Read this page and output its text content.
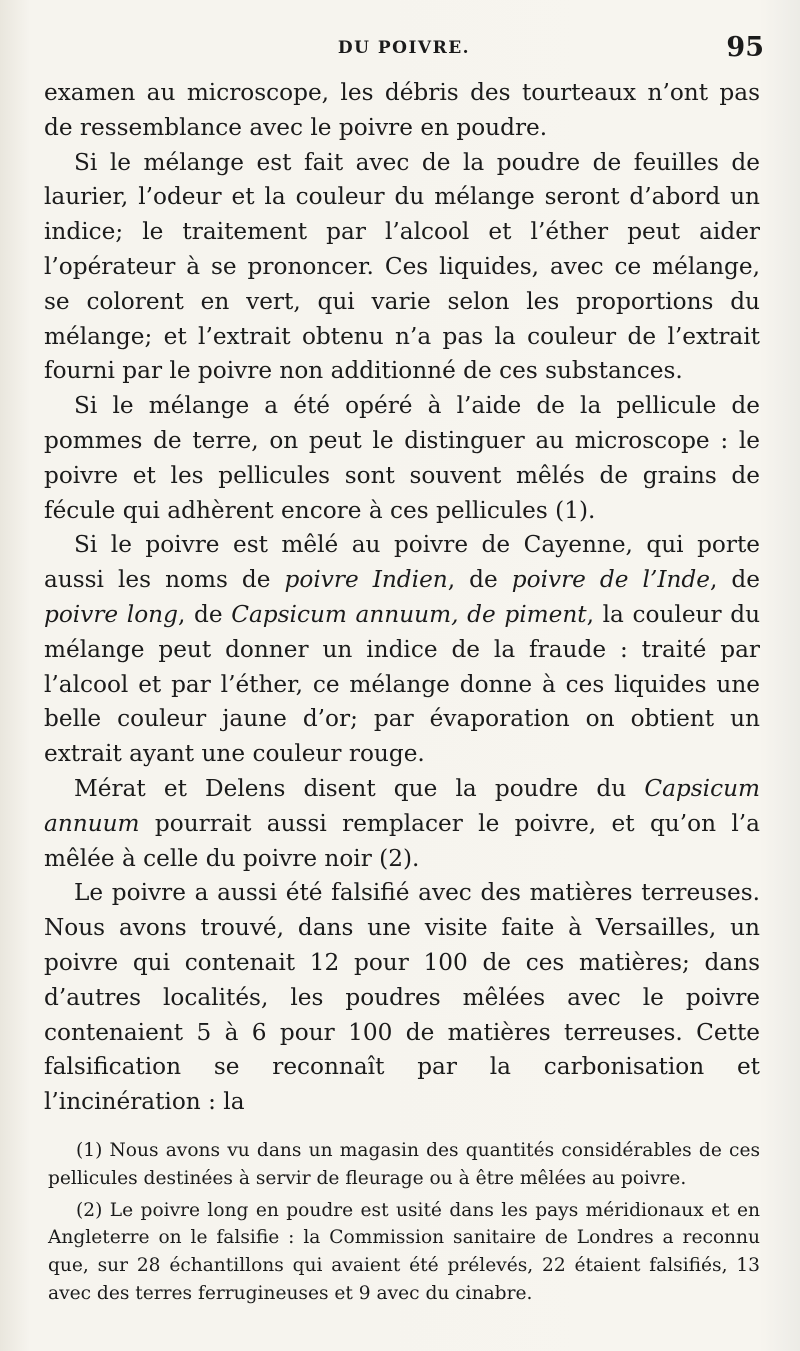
DU POIVRE.	95

examen au microscope, les débris des tourteaux n’ont pas de ressemblance avec le poivre en poudre.

Si le mélange est fait avec de la poudre de feuilles de laurier, l’odeur et la couleur du mélange seront d’abord un indice; le traitement par l’alcool et l’éther peut aider l’opérateur à se prononcer. Ces liquides, avec ce mélange, se colorent en vert, qui varie selon les proportions du mélange; et l’extrait obtenu n’a pas la couleur de l’extrait fourni par le poivre non additionné de ces substances.

Si le mélange a été opéré à l’aide de la pellicule de pommes de terre, on peut le distinguer au microscope : le poivre et les pellicules sont souvent mêlés de grains de fécule qui adhèrent encore à ces pellicules (1).

Si le poivre est mêlé au poivre de Cayenne, qui porte aussi les noms de poivre Indien, de poivre de l’Inde, de poivre long, de Capsicum annuum, de piment, la couleur du mélange peut donner un indice de la fraude : traité par l’alcool et par l’éther, ce mélange donne à ces liquides une belle couleur jaune d’or; par évaporation on obtient un extrait ayant une couleur rouge.

Mérat et Delens disent que la poudre du Capsicum annuum pourrait aussi remplacer le poivre, et qu’on l’a mêlée à celle du poivre noir (2).

Le poivre a aussi été falsifié avec des matières terreuses. Nous avons trouvé, dans une visite faite à Versailles, un poivre qui contenait 12 pour 100 de ces matières; dans d’autres localités, les poudres mêlées avec le poivre contenaient 5 à 6 pour 100 de matières terreuses. Cette falsification se reconnaît par la carbonisation et l’incinération : la

(1) Nous avons vu dans un magasin des quantités considérables de ces pellicules destinées à servir de fleurage ou à être mêlées au poivre.

(2) Le poivre long en poudre est usité dans les pays méridionaux et en Angleterre on le falsifie : la Commission sanitaire de Londres a reconnu que, sur 28 échantillons qui avaient été prélevés, 22 étaient falsifiés, 13 avec des terres ferrugineuses et 9 avec du cinabre.
